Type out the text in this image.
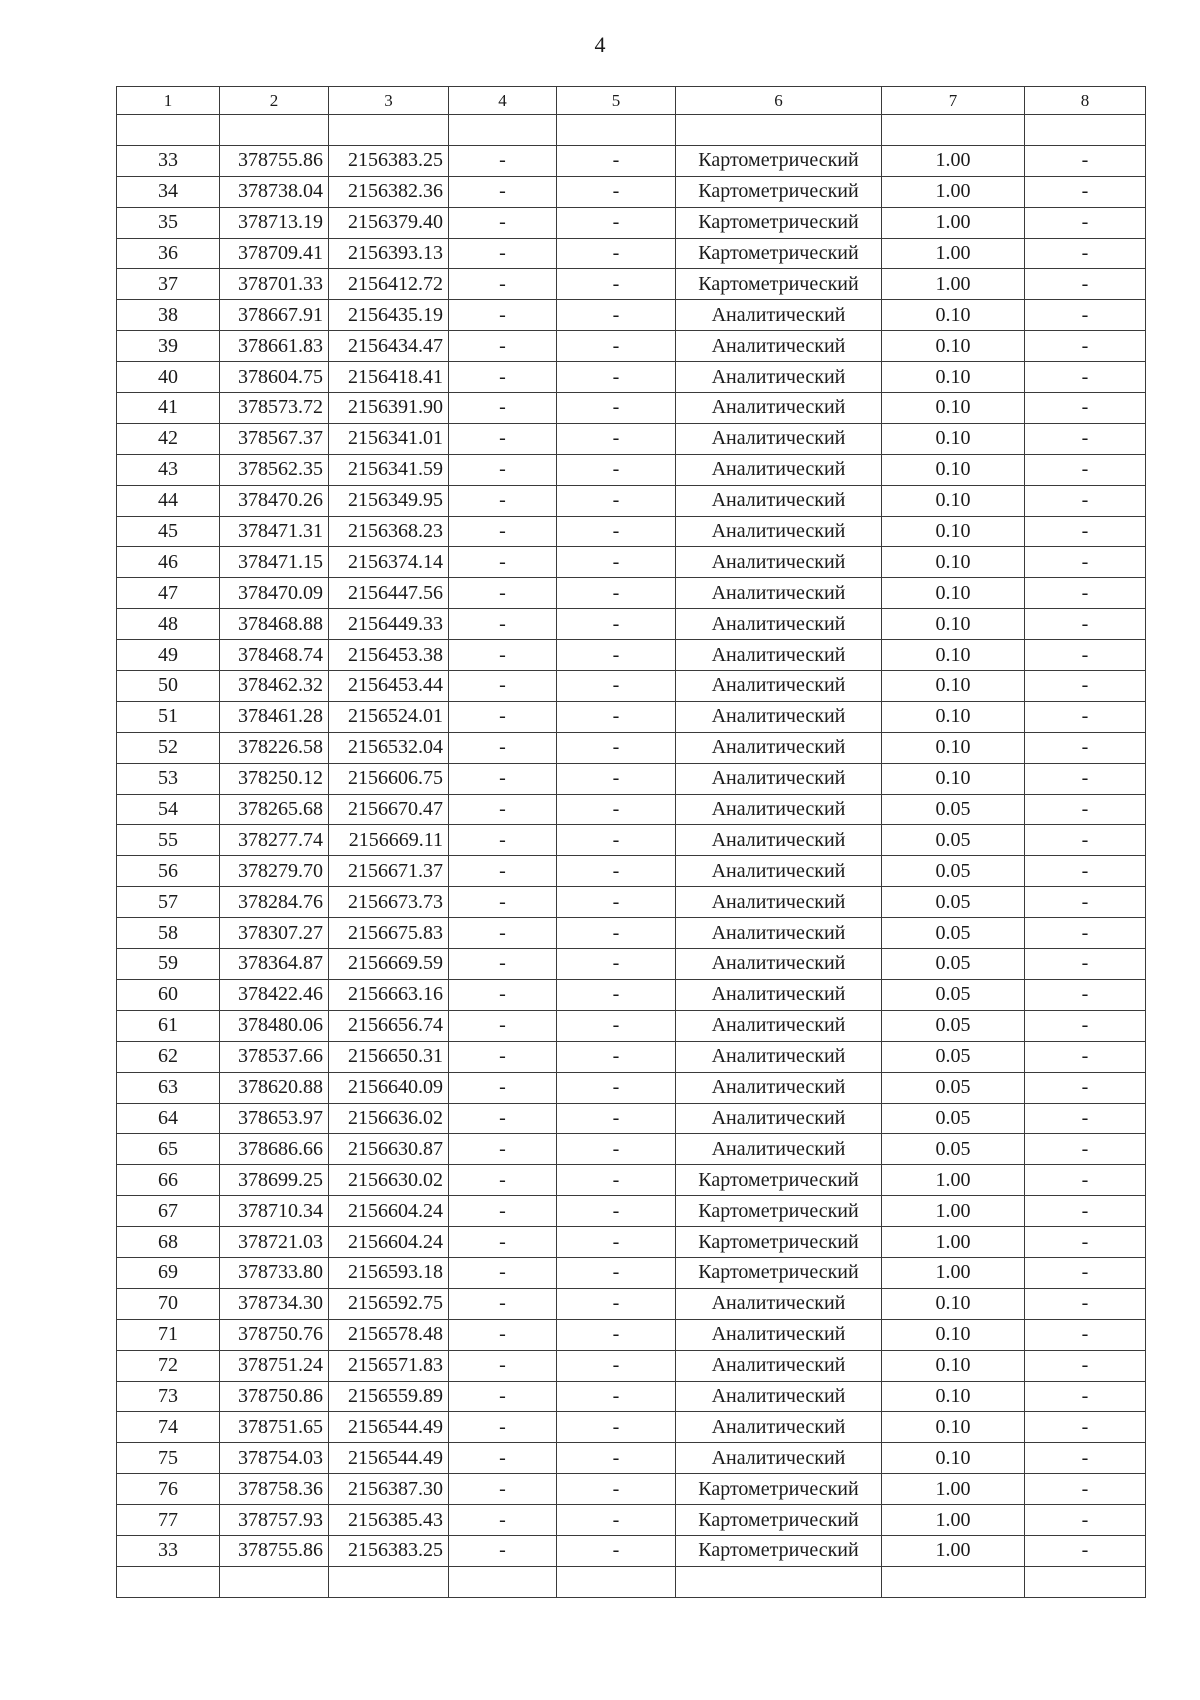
4
1	2	3	4	5	6	7	8

33	378755.86	2156383.25	-	-	Картометрический	1.00	-
34	378738.04	2156382.36	-	-	Картометрический	1.00	-
35	378713.19	2156379.40	-	-	Картометрический	1.00	-
36	378709.41	2156393.13	-	-	Картометрический	1.00	-
37	378701.33	2156412.72	-	-	Картометрический	1.00	-
38	378667.91	2156435.19	-	-	Аналитический	0.10	-
39	378661.83	2156434.47	-	-	Аналитический	0.10	-
40	378604.75	2156418.41	-	-	Аналитический	0.10	-
41	378573.72	2156391.90	-	-	Аналитический	0.10	-
42	378567.37	2156341.01	-	-	Аналитический	0.10	-
43	378562.35	2156341.59	-	-	Аналитический	0.10	-
44	378470.26	2156349.95	-	-	Аналитический	0.10	-
45	378471.31	2156368.23	-	-	Аналитический	0.10	-
46	378471.15	2156374.14	-	-	Аналитический	0.10	-
47	378470.09	2156447.56	-	-	Аналитический	0.10	-
48	378468.88	2156449.33	-	-	Аналитический	0.10	-
49	378468.74	2156453.38	-	-	Аналитический	0.10	-
50	378462.32	2156453.44	-	-	Аналитический	0.10	-
51	378461.28	2156524.01	-	-	Аналитический	0.10	-
52	378226.58	2156532.04	-	-	Аналитический	0.10	-
53	378250.12	2156606.75	-	-	Аналитический	0.10	-
54	378265.68	2156670.47	-	-	Аналитический	0.05	-
55	378277.74	2156669.11	-	-	Аналитический	0.05	-
56	378279.70	2156671.37	-	-	Аналитический	0.05	-
57	378284.76	2156673.73	-	-	Аналитический	0.05	-
58	378307.27	2156675.83	-	-	Аналитический	0.05	-
59	378364.87	2156669.59	-	-	Аналитический	0.05	-
60	378422.46	2156663.16	-	-	Аналитический	0.05	-
61	378480.06	2156656.74	-	-	Аналитический	0.05	-
62	378537.66	2156650.31	-	-	Аналитический	0.05	-
63	378620.88	2156640.09	-	-	Аналитический	0.05	-
64	378653.97	2156636.02	-	-	Аналитический	0.05	-
65	378686.66	2156630.87	-	-	Аналитический	0.05	-
66	378699.25	2156630.02	-	-	Картометрический	1.00	-
67	378710.34	2156604.24	-	-	Картометрический	1.00	-
68	378721.03	2156604.24	-	-	Картометрический	1.00	-
69	378733.80	2156593.18	-	-	Картометрический	1.00	-
70	378734.30	2156592.75	-	-	Аналитический	0.10	-
71	378750.76	2156578.48	-	-	Аналитический	0.10	-
72	378751.24	2156571.83	-	-	Аналитический	0.10	-
73	378750.86	2156559.89	-	-	Аналитический	0.10	-
74	378751.65	2156544.49	-	-	Аналитический	0.10	-
75	378754.03	2156544.49	-	-	Аналитический	0.10	-
76	378758.36	2156387.30	-	-	Картометрический	1.00	-
77	378757.93	2156385.43	-	-	Картометрический	1.00	-
33	378755.86	2156383.25	-	-	Картометрический	1.00	-
